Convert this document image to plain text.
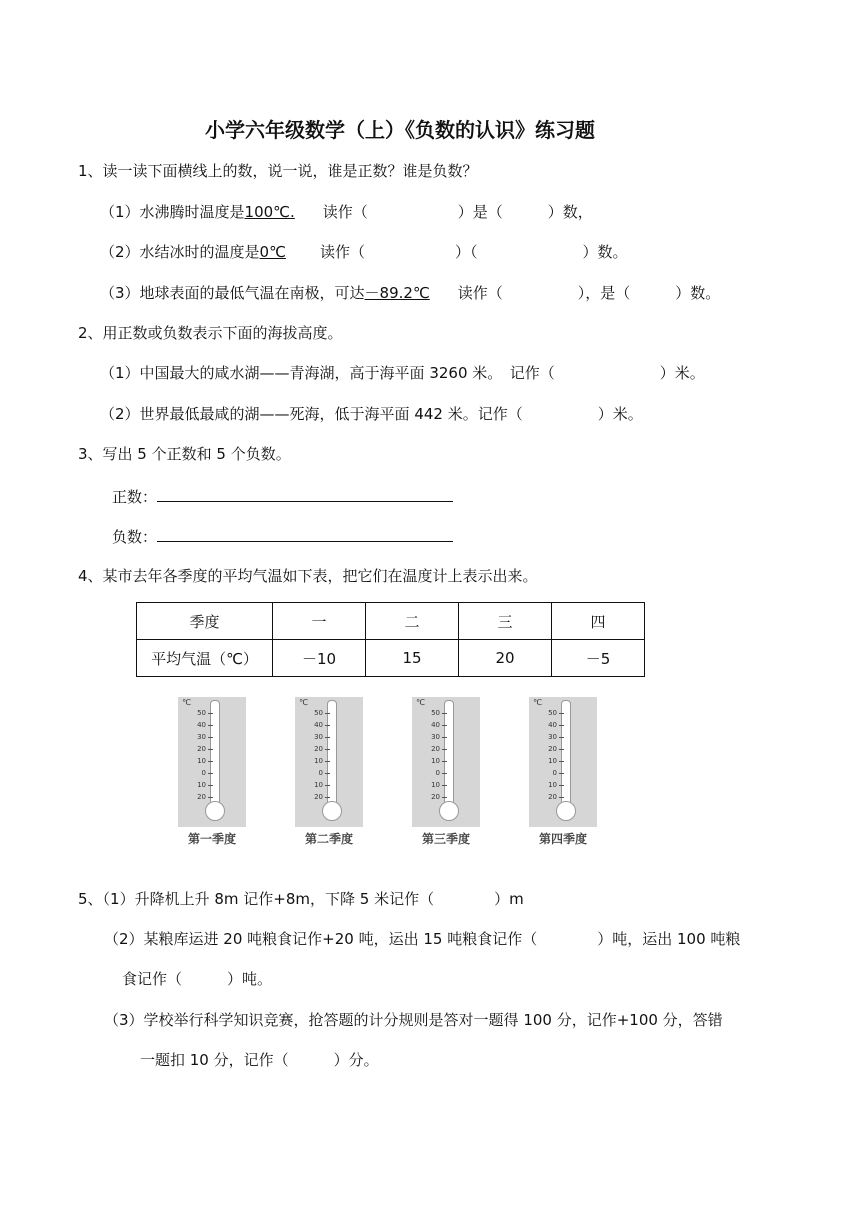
小学六年级数学（上）《负数的认识》练习题
1、读一读下面横线上的数，说一说，谁是正数？谁是负数？
（1）水沸腾时温度是100℃. 读作（　　　　　　）是（　　　）数，
（2）水结冰时的温度是0℃ 读作（　　　　　　）（　　　　　　　）数。
（3）地球表面的最低气温在南极，可达－89.2℃ 读作（　　　　　），是（　　　）数。
2、用正数或负数表示下面的海拔高度。
（1）中国最大的咸水湖——青海湖，高于海平面 3260 米。　记作（　　　　　　　）米。
（2）世界最低最咸的湖——死海，低于海平面 442 米。记作（　　　　　）米。
3、写出 5 个正数和 5 个负数。
正数：
负数：
4、某市去年各季度的平均气温如下表，把它们在温度计上表示出来。
季度	一	二	三	四
平均气温（℃）	－10	15	20	－5
℃
50
40
30
20
10
0
10
20
℃
50
40
30
20
10
0
10
20
℃
50
40
30
20
10
0
10
20
℃
50
40
30
20
10
0
10
20
第一季度	第二季度	第三季度	第四季度
5、（1）升降机上升 8m 记作+8m，下降 5 米记作（　　　　）m
（2）某粮库运进 20 吨粮食记作+20 吨，运出 15 吨粮食记作（　　　　）吨，运出 100 吨粮
食记作（　　　）吨。
（3）学校举行科学知识竞赛，抢答题的计分规则是答对一题得 100 分，记作+100 分，答错
一题扣 10 分，记作（　　　）分。
